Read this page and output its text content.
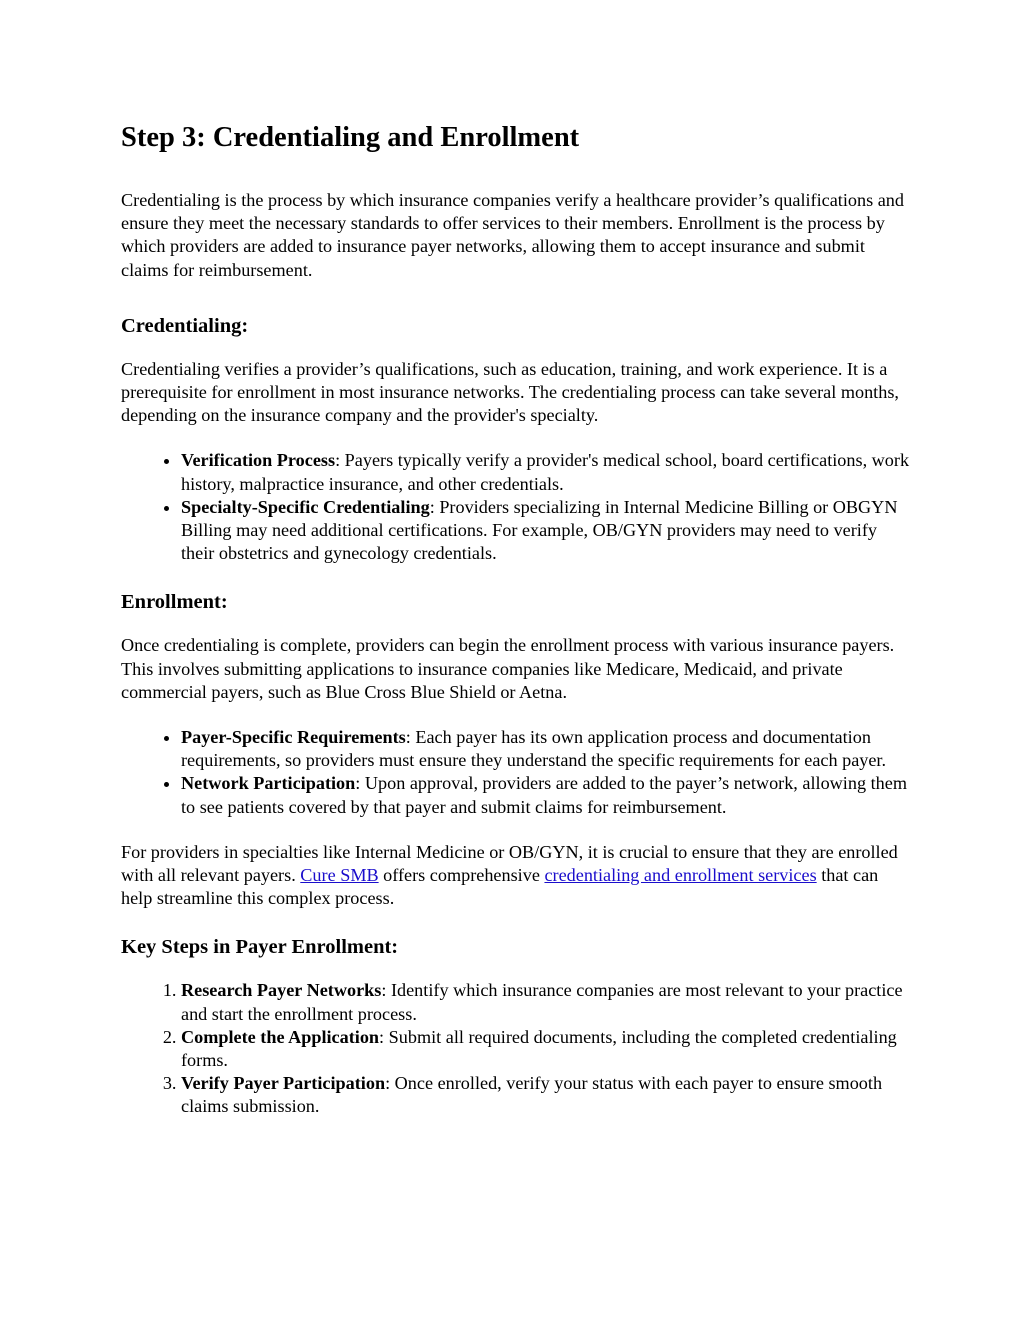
Step 3: Credentialing and Enrollment

Credentialing is the process by which insurance companies verify a healthcare provider’s qualifications and ensure they meet the necessary standards to offer services to their members. Enrollment is the process by which providers are added to insurance payer networks, allowing them to accept insurance and submit claims for reimbursement.

Credentialing:

Credentialing verifies a provider’s qualifications, such as education, training, and work experience. It is a prerequisite for enrollment in most insurance networks. The credentialing process can take several months, depending on the insurance company and the provider's specialty.

• Verification Process: Payers typically verify a provider's medical school, board certifications, work history, malpractice insurance, and other credentials.
• Specialty-Specific Credentialing: Providers specializing in Internal Medicine Billing or OBGYN Billing may need additional certifications. For example, OB/GYN providers may need to verify their obstetrics and gynecology credentials.
Enrollment:

Once credentialing is complete, providers can begin the enrollment process with various insurance payers. This involves submitting applications to insurance companies like Medicare, Medicaid, and private commercial payers, such as Blue Cross Blue Shield or Aetna.

• Payer-Specific Requirements: Each payer has its own application process and documentation requirements, so providers must ensure they understand the specific requirements for each payer.
• Network Participation: Upon approval, providers are added to the payer’s network, allowing them to see patients covered by that payer and submit claims for reimbursement.

For providers in specialties like Internal Medicine or OB/GYN, it is crucial to ensure that they are enrolled with all relevant payers. Cure SMB offers comprehensive credentialing and enrollment services that can help streamline this complex process.

Key Steps in Payer Enrollment:
1. Research Payer Networks: Identify which insurance companies are most relevant to your practice and start the enrollment process.
2. Complete the Application: Submit all required documents, including the completed credentialing forms.
3. Verify Payer Participation: Once enrolled, verify your status with each payer to ensure smooth claims submission.
